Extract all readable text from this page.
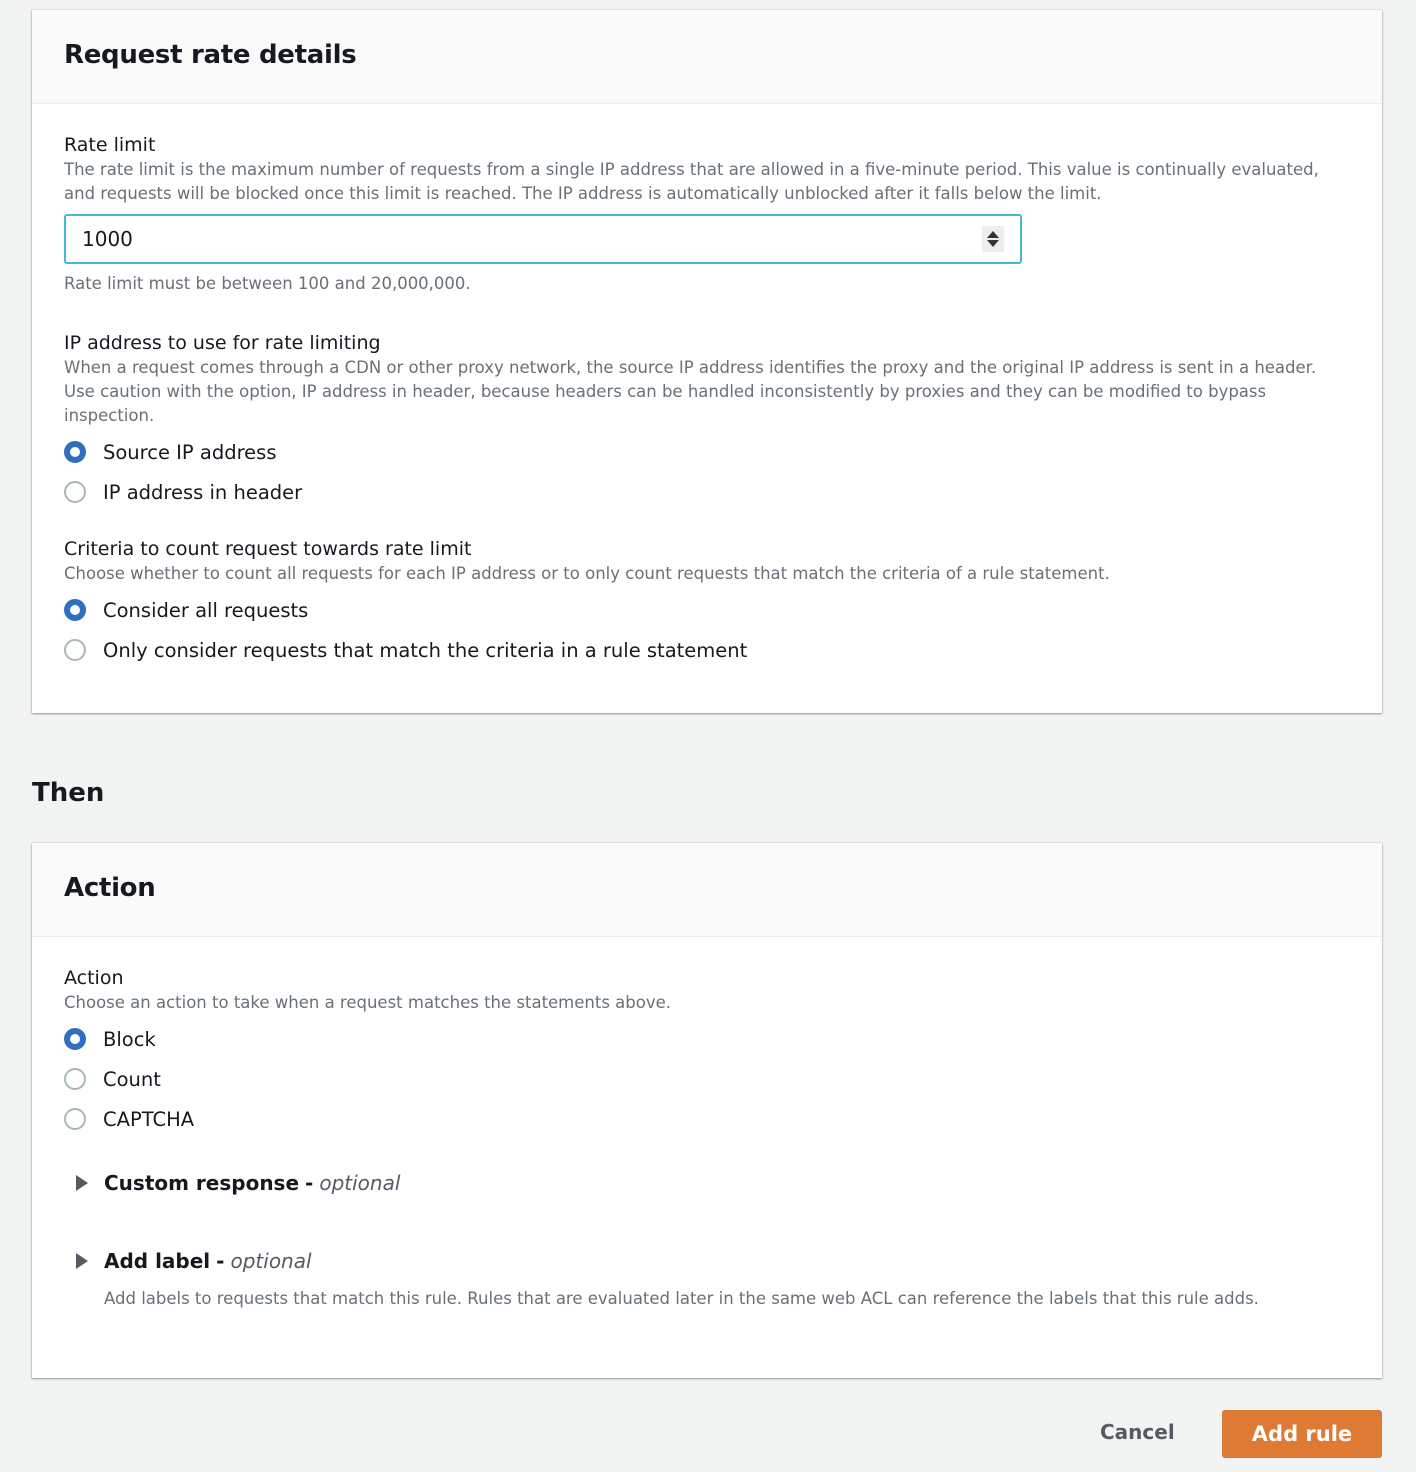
Request rate details
Rate limit
The rate limit is the maximum number of requests from a single IP address that are allowed in a five-minute period. This value is continually evaluated, and requests will be blocked once this limit is reached. The IP address is automatically unblocked after it falls below the limit.
1000
Rate limit must be between 100 and 20,000,000.
IP address to use for rate limiting
When a request comes through a CDN or other proxy network, the source IP address identifies the proxy and the original IP address is sent in a header. Use caution with the option, IP address in header, because headers can be handled inconsistently by proxies and they can be modified to bypass inspection.
Source IP address
IP address in header
Criteria to count request towards rate limit
Choose whether to count all requests for each IP address or to only count requests that match the criteria of a rule statement.
Consider all requests
Only consider requests that match the criteria in a rule statement
Then
Action
Action
Choose an action to take when a request matches the statements above.
Block
Count
CAPTCHA
Custom response - optional
Add label - optional
Add labels to requests that match this rule. Rules that are evaluated later in the same web ACL can reference the labels that this rule adds.
Cancel	Add rule
